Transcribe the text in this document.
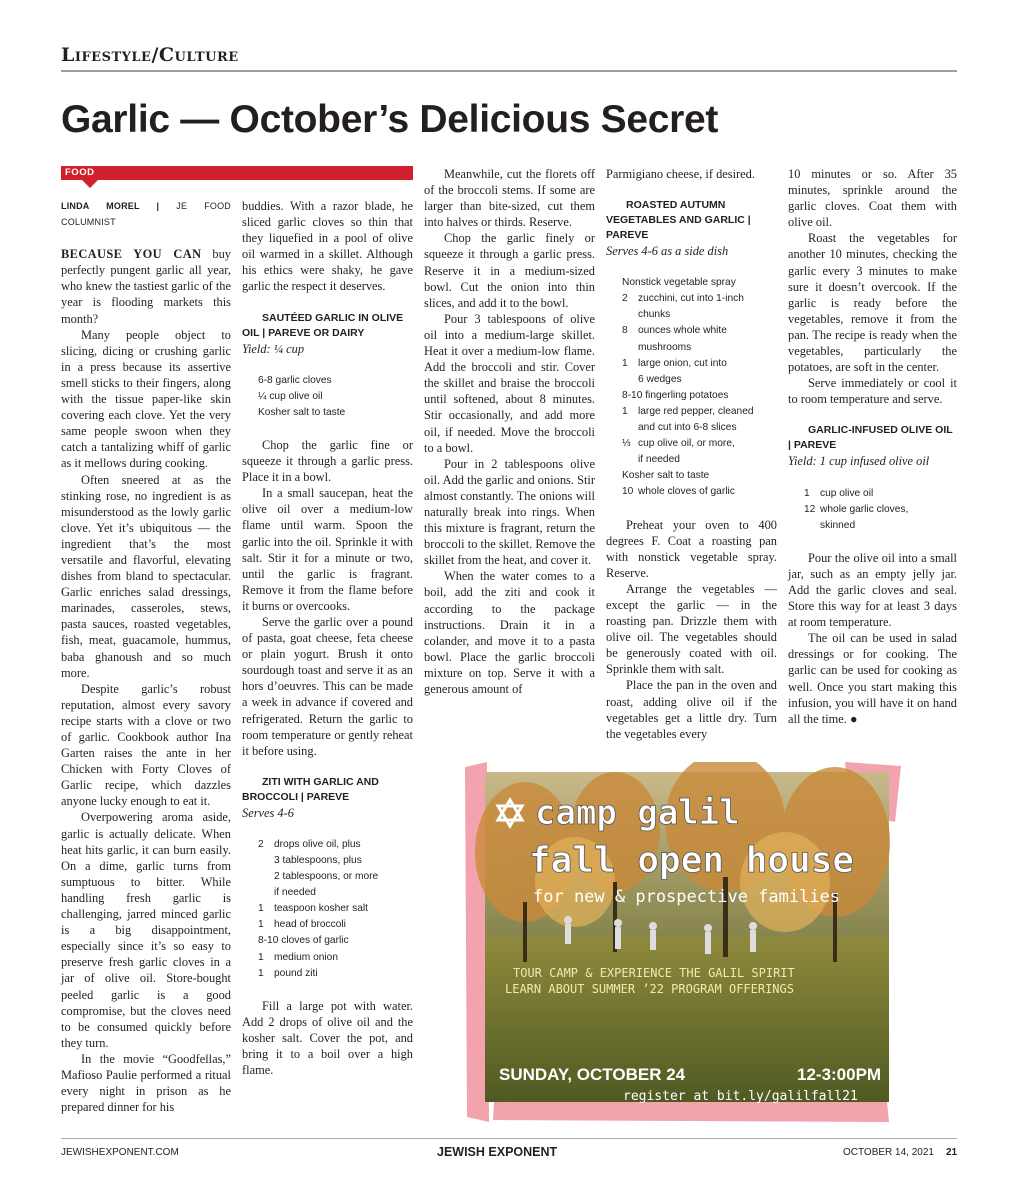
Lifestyle/Culture
Garlic — October’s Delicious Secret
FOOD
LINDA MOREL | JE FOOD COLUMNIST

BECAUSE YOU CAN buy perfectly pungent garlic all year, who knew the tastiest garlic of the year is flooding markets this month?

Many people object to slicing, dicing or crushing garlic in a press because its assertive smell sticks to their fingers, along with the tissue paper-like skin covering each clove. Yet the very same people swoon when they catch a tantalizing whiff of garlic as it mellows during cooking.

Often sneered at as the stinking rose, no ingredient is as misunderstood as the lowly garlic clove. Yet it’s ubiquitous — the ingredient that’s the most versatile and flavorful, elevating dishes from bland to spectacular. Garlic enriches salad dressings, marinades, casseroles, stews, pasta sauces, roasted vegetables, fish, meat, guacamole, hummus, baba ghanoush and so much more.

Despite garlic’s robust reputation, almost every savory recipe starts with a clove or two of garlic. Cookbook author Ina Garten raises the ante in her Chicken with Forty Cloves of Garlic recipe, which dazzles anyone lucky enough to eat it.

Overpowering aroma aside, garlic is actually delicate. When heat hits garlic, it can burn easily. On a dime, garlic turns from sumptuous to bitter. While handling fresh garlic is challenging, jarred minced garlic is a big disappointment, especially since it’s so easy to preserve fresh garlic cloves in a jar of olive oil. Store-bought peeled garlic is a good compromise, but the cloves need to be consumed quickly before they turn.

In the movie “Goodfellas,” Mafioso Paulie performed a ritual every night in prison as he prepared dinner for his

buddies. With a razor blade, he sliced garlic cloves so thin that they liquefied in a pool of olive oil warmed in a skillet. Although his ethics were shaky, he gave garlic the respect it deserves.

SAUTÉED GARLIC IN OLIVE OIL | PAREVE OR DAIRY

Yield: ¼ cup

6-8 garlic cloves
¼ cup olive oil
Kosher salt to taste

Chop the garlic fine or squeeze it through a garlic press. Place it in a bowl.

In a small saucepan, heat the olive oil over a medium-low flame until warm. Spoon the garlic into the oil. Sprinkle it with salt. Stir it for a minute or two, until the garlic is fragrant. Remove it from the flame before it burns or overcooks.

Serve the garlic over a pound of pasta, goat cheese, feta cheese or plain yogurt. Brush it onto sourdough toast and serve it as an hors d’oeuvres. This can be made a week in advance if covered and refrigerated. Return the garlic to room temperature or gently reheat it before using.

ZITI WITH GARLIC AND BROCCOLI | PAREVE

Serves 4-6

2	drops olive oil, plus
3 tablespoons, plus
2 tablespoons, or more
if needed
1	teaspoon kosher salt
1	head of broccoli
8-10 cloves of garlic
1	medium onion
1	pound ziti

Fill a large pot with water. Add 2 drops of olive oil and the kosher salt. Cover the pot, and bring it to a boil over a high flame.

Meanwhile, cut the florets off of the broccoli stems. If some are larger than bite-sized, cut them into halves or thirds. Reserve.

Chop the garlic finely or squeeze it through a garlic press. Reserve it in a medium-sized bowl. Cut the onion into thin slices, and add it to the bowl.

Pour 3 tablespoons of olive oil into a medium-large skillet. Heat it over a medium-low flame. Add the broccoli and stir. Cover the skillet and braise the broccoli until softened, about 8 minutes. Stir occasionally, and add more oil, if needed. Move the broccoli to a bowl.

Pour in 2 tablespoons olive oil. Add the garlic and onions. Stir almost constantly. The onions will naturally break into rings. When this mixture is fragrant, return the broccoli to the skillet. Remove the skillet from the heat, and cover it.

When the water comes to a boil, add the ziti and cook it according to the package instructions. Drain it in a colander, and move it to a pasta bowl. Place the garlic broccoli mixture on top. Serve it with a generous amount of

Parmigiano cheese, if desired.

ROASTED AUTUMN VEGETABLES AND GARLIC | PAREVE

Serves 4-6 as a side dish

Nonstick vegetable spray
2	zucchini, cut into 1-inch
chunks
8	ounces whole white
mushrooms
1	large onion, cut into
6 wedges
8-10 fingerling potatoes
1	large red pepper, cleaned
and cut into 6-8 slices
⅓ cup olive oil, or more,
if needed
Kosher salt to taste
10 whole cloves of garlic

Preheat your oven to 400 degrees F. Coat a roasting pan with nonstick vegetable spray. Reserve.

Arrange the vegetables — except the garlic — in the roasting pan. Drizzle them with olive oil. The vegetables should be generously coated with oil. Sprinkle them with salt.

Place the pan in the oven and roast, adding olive oil if the vegetables get a little dry. Turn the vegetables every

10 minutes or so. After 35 minutes, sprinkle around the garlic cloves. Coat them with olive oil.

Roast the vegetables for another 10 minutes, checking the garlic every 3 minutes to make sure it doesn’t overcook. If the garlic is ready before the vegetables, remove it from the pan. The recipe is ready when the vegetables, particularly the potatoes, are soft in the center.

Serve immediately or cool it to room temperature and serve.

GARLIC-INFUSED OLIVE OIL | PAREVE

Yield: 1 cup infused olive oil

1	cup olive oil
12 whole garlic cloves,
skinned

Pour the olive oil into a small jar, such as an empty jelly jar. Add the garlic cloves and seal. Store this way for at least 3 days at room temperature.

The oil can be used in salad dressings or for cooking. The garlic can be used for cooking as well. Once you start making this infusion, you will have it on hand all the time. ●

camp galil
fall open house
for new & prospective families
TOUR CAMP & EXPERIENCE THE GALIL SPIRIT
LEARN ABOUT SUMMER ’22 PROGRAM OFFERINGS
SUNDAY, OCTOBER 24	12-3:00PM
register at bit.ly/galilfall21
JEWISHEXPONENT.COM	JEWISH EXPONENT	OCTOBER 14, 2021 21
